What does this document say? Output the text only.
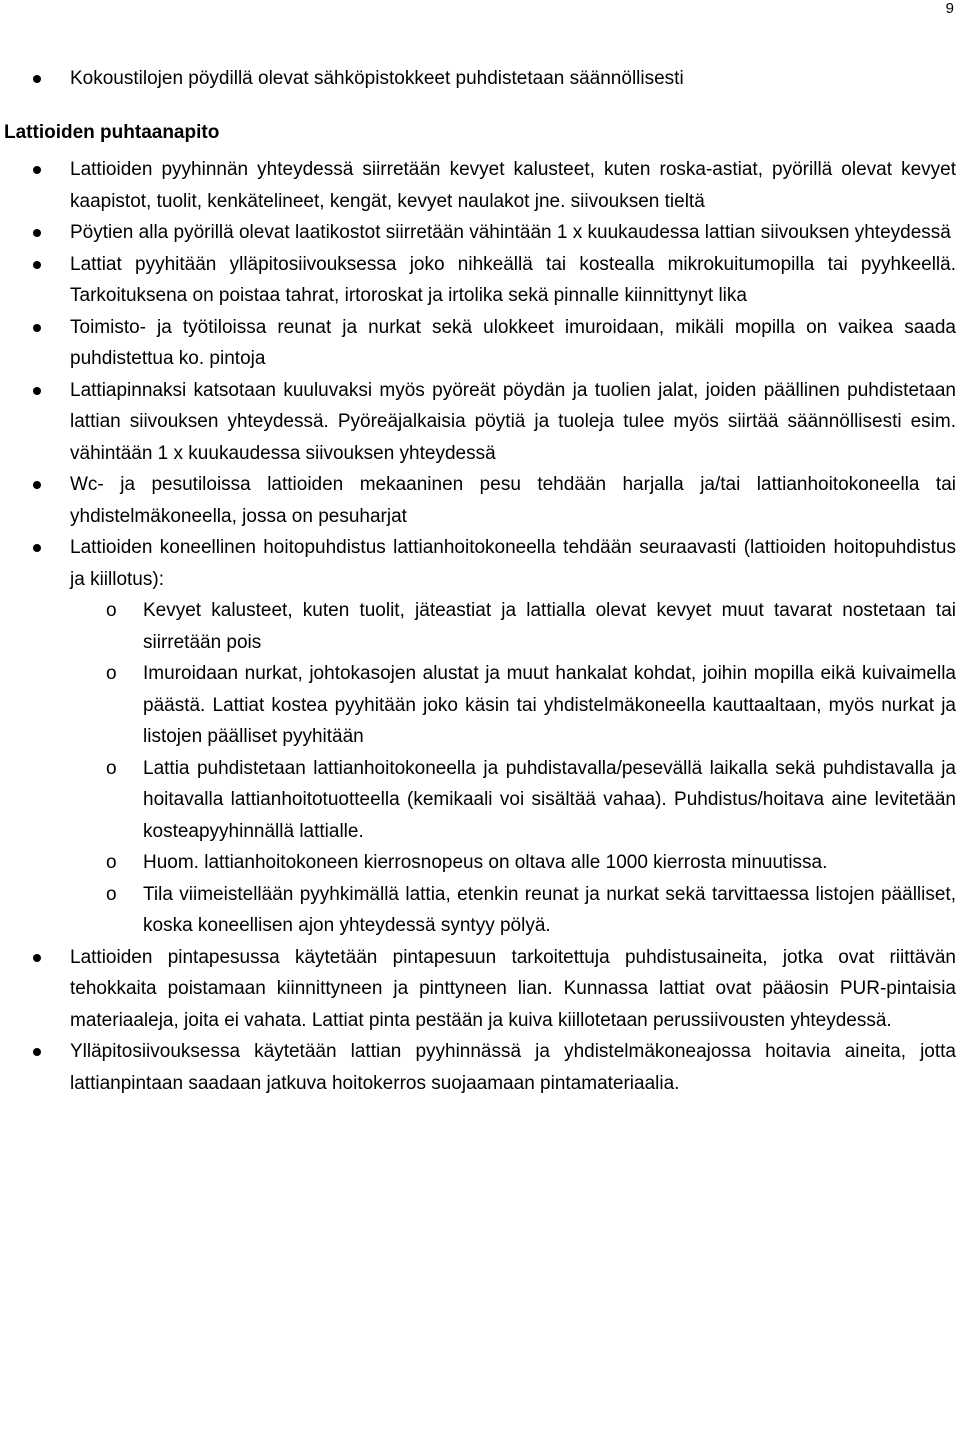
9
Kokoustilojen pöydillä olevat sähköpistokkeet puhdistetaan säännöllisesti
Lattioiden puhtaanapito
Lattioiden pyyhinnän yhteydessä siirretään kevyet kalusteet, kuten roska-astiat, pyörillä olevat kevyet kaapistot, tuolit, kenkätelineet, kengät, kevyet naulakot jne. siivouksen tieltä
Pöytien alla pyörillä olevat laatikostot siirretään vähintään 1 x kuukaudessa lattian siivouksen yhteydessä
Lattiat pyyhitään ylläpitosiivouksessa joko nihkeällä tai kostealla mikrokuitumopilla tai pyyhkeellä. Tarkoituksena on poistaa tahrat, irtoroskat ja irtolika sekä pinnalle kiinnittynyt lika
Toimisto- ja työtiloissa reunat ja nurkat sekä ulokkeet imuroidaan, mikäli mopilla on vaikea saada puhdistettua ko. pintoja
Lattiapinnaksi katsotaan kuuluvaksi myös pyöreät pöydän ja tuolien jalat, joiden päällinen puhdistetaan lattian siivouksen yhteydessä. Pyöreäjalkaisia pöytiä ja tuoleja tulee myös siirtää säännöllisesti esim. vähintään 1 x kuukaudessa siivouksen yhteydessä
Wc- ja pesutiloissa lattioiden mekaaninen pesu tehdään harjalla ja/tai lattianhoitokoneella tai yhdistelmäkoneella, jossa on pesuharjat
Lattioiden koneellinen hoitopuhdistus lattianhoitokoneella tehdään seuraavasti (lattioiden hoitopuhdistus ja kiillotus):
o Kevyet kalusteet, kuten tuolit, jäteastiat ja lattialla olevat kevyet muut tavarat nostetaan tai siirretään pois
o Imuroidaan nurkat, johtokasojen alustat ja muut hankalat kohdat, joihin mopilla eikä kuivaimella päästä. Lattiat kostea pyyhitään joko käsin tai yhdistelmäkoneella kauttaaltaan, myös nurkat ja listojen päälliset pyyhitään
o Lattia puhdistetaan lattianhoitokoneella ja puhdistavalla/pesevällä laikalla sekä puhdistavalla ja hoitavalla lattianhoitotuotteella (kemikaali voi sisältää vahaa). Puhdistus/hoitava aine levitetään kosteapyyhinnällä lattialle.
o Huom. lattianhoitokoneen kierrosnopeus on oltava alle 1000 kierrosta minuutissa.
o Tila viimeistellään pyyhkimällä lattia, etenkin reunat ja nurkat sekä tarvittaessa listojen päälliset, koska koneellisen ajon yhteydessä syntyy pölyä.
Lattioiden pintapesussa käytetään pintapesuun tarkoitettuja puhdistusaineita, jotka ovat riittävän tehokkaita poistamaan kiinnittyneen ja pinttyneen lian. Kunnassa lattiat ovat pääosin PUR-pintaisia materiaaleja, joita ei vahata. Lattiat pinta pestään ja kuiva kiillotetaan perussiivousten yhteydessä.
Ylläpitosiivouksessa käytetään lattian pyyhinnässä ja yhdistelmäkoneajossa hoitavia aineita, jotta lattianpintaan saadaan jatkuva hoitokerros suojaamaan pintamateriaalia.
